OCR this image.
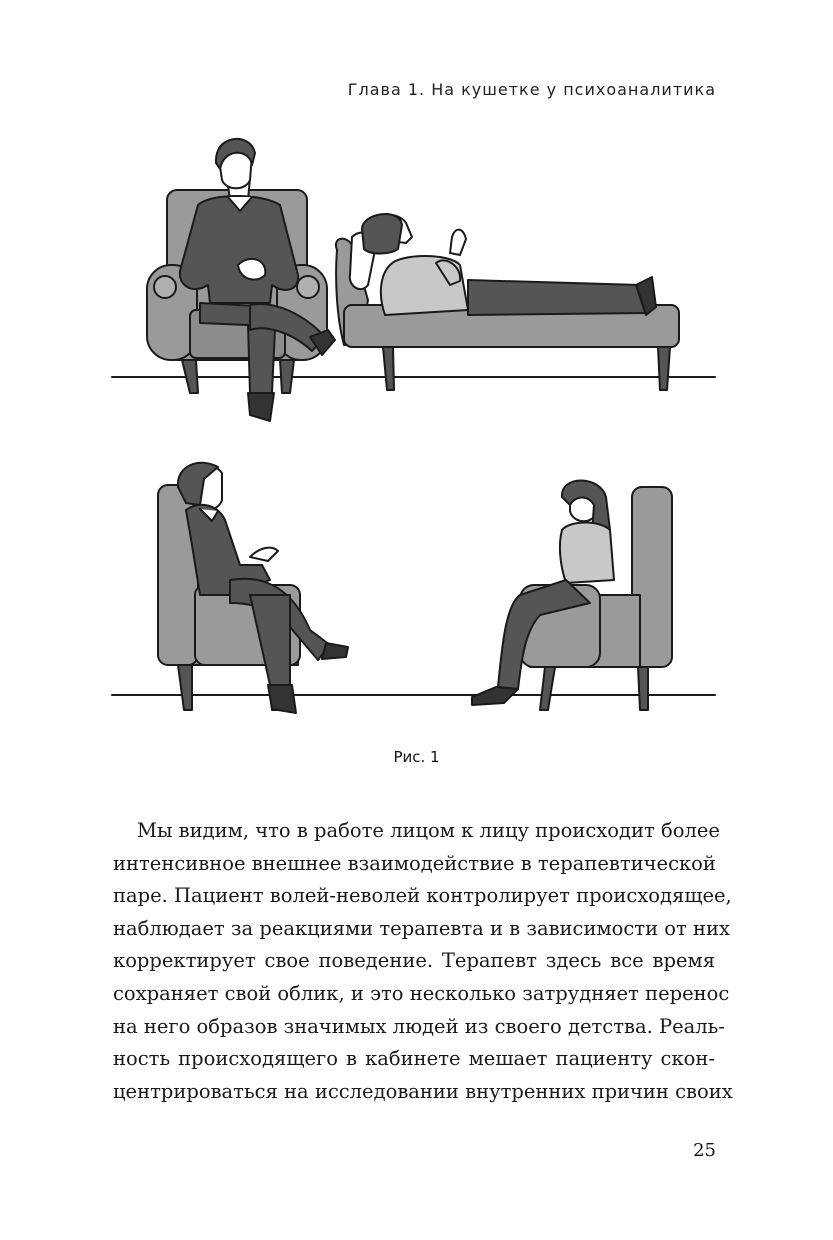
Глава 1. На кушетке у психоаналитика
Рис. 1
Мы видим, что в работе лицом к лицу происходит более
интенсивное внешнее взаимодействие в терапевтической
паре. Пациент волей-неволей контролирует происходящее,
наблюдает за реакциями терапевта и в зависимости от них
корректирует свое поведение. Терапевт здесь все время
сохраняет свой облик, и это несколько затрудняет перенос
на него образов значимых людей из своего детства. Реаль-
ность происходящего в кабинете мешает пациенту скон-
центрироваться на исследовании внутренних причин своих
25
